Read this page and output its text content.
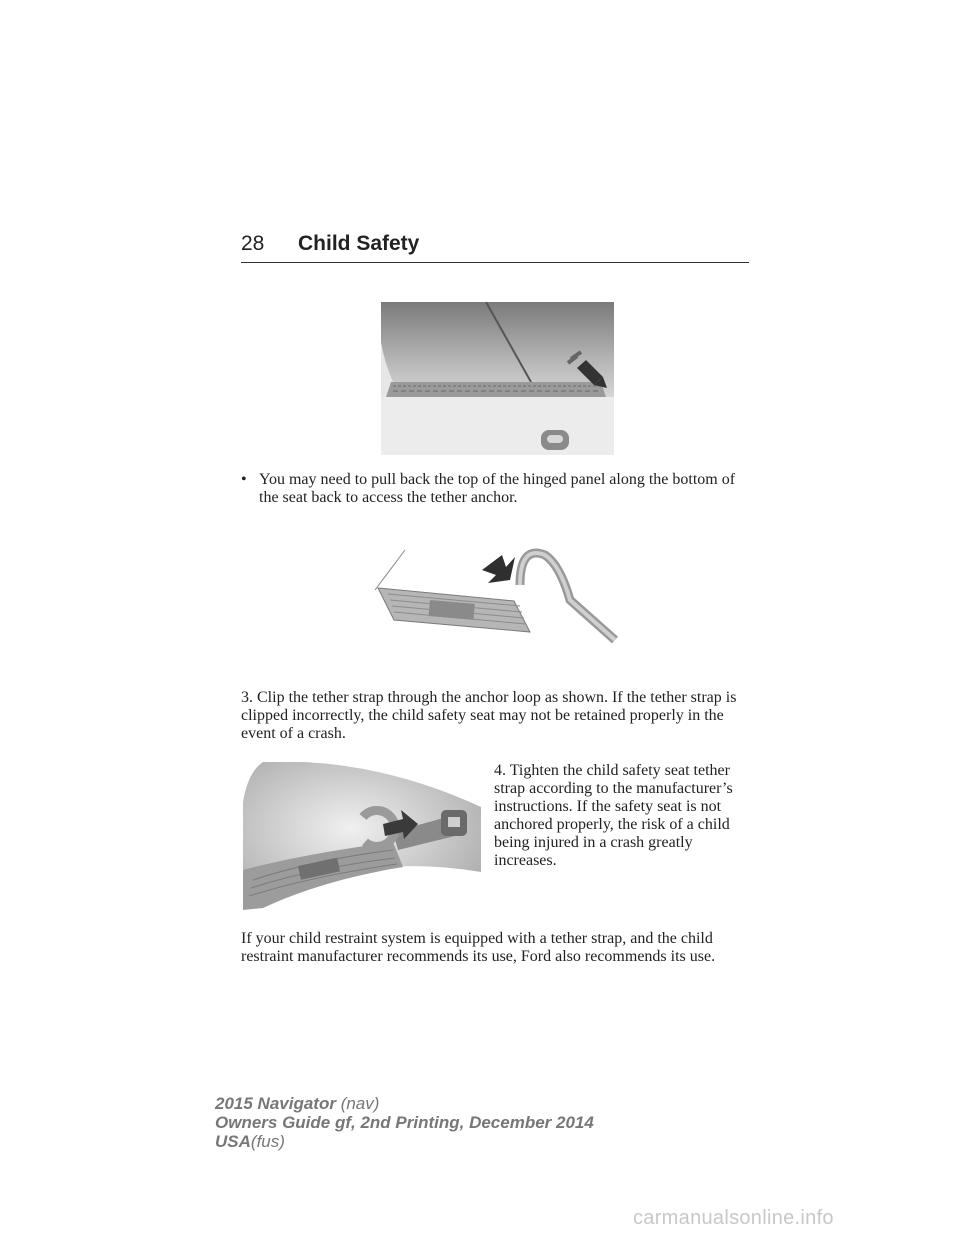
28 Child Safety
• You may need to pull back the top of the hinged panel along the bottom of the seat back to access the tether anchor.
3. Clip the tether strap through the anchor loop as shown. If the tether strap is clipped incorrectly, the child safety seat may not be retained properly in the event of a crash.
4. Tighten the child safety seat tether strap according to the manufacturer’s instructions. If the safety seat is not anchored properly, the risk of a child being injured in a crash greatly increases.
If your child restraint system is equipped with a tether strap, and the child restraint manufacturer recommends its use, Ford also recommends its use.
2015 Navigator (nav)
Owners Guide gf, 2nd Printing, December 2014
USA(fus)
carmanualsonline.info
